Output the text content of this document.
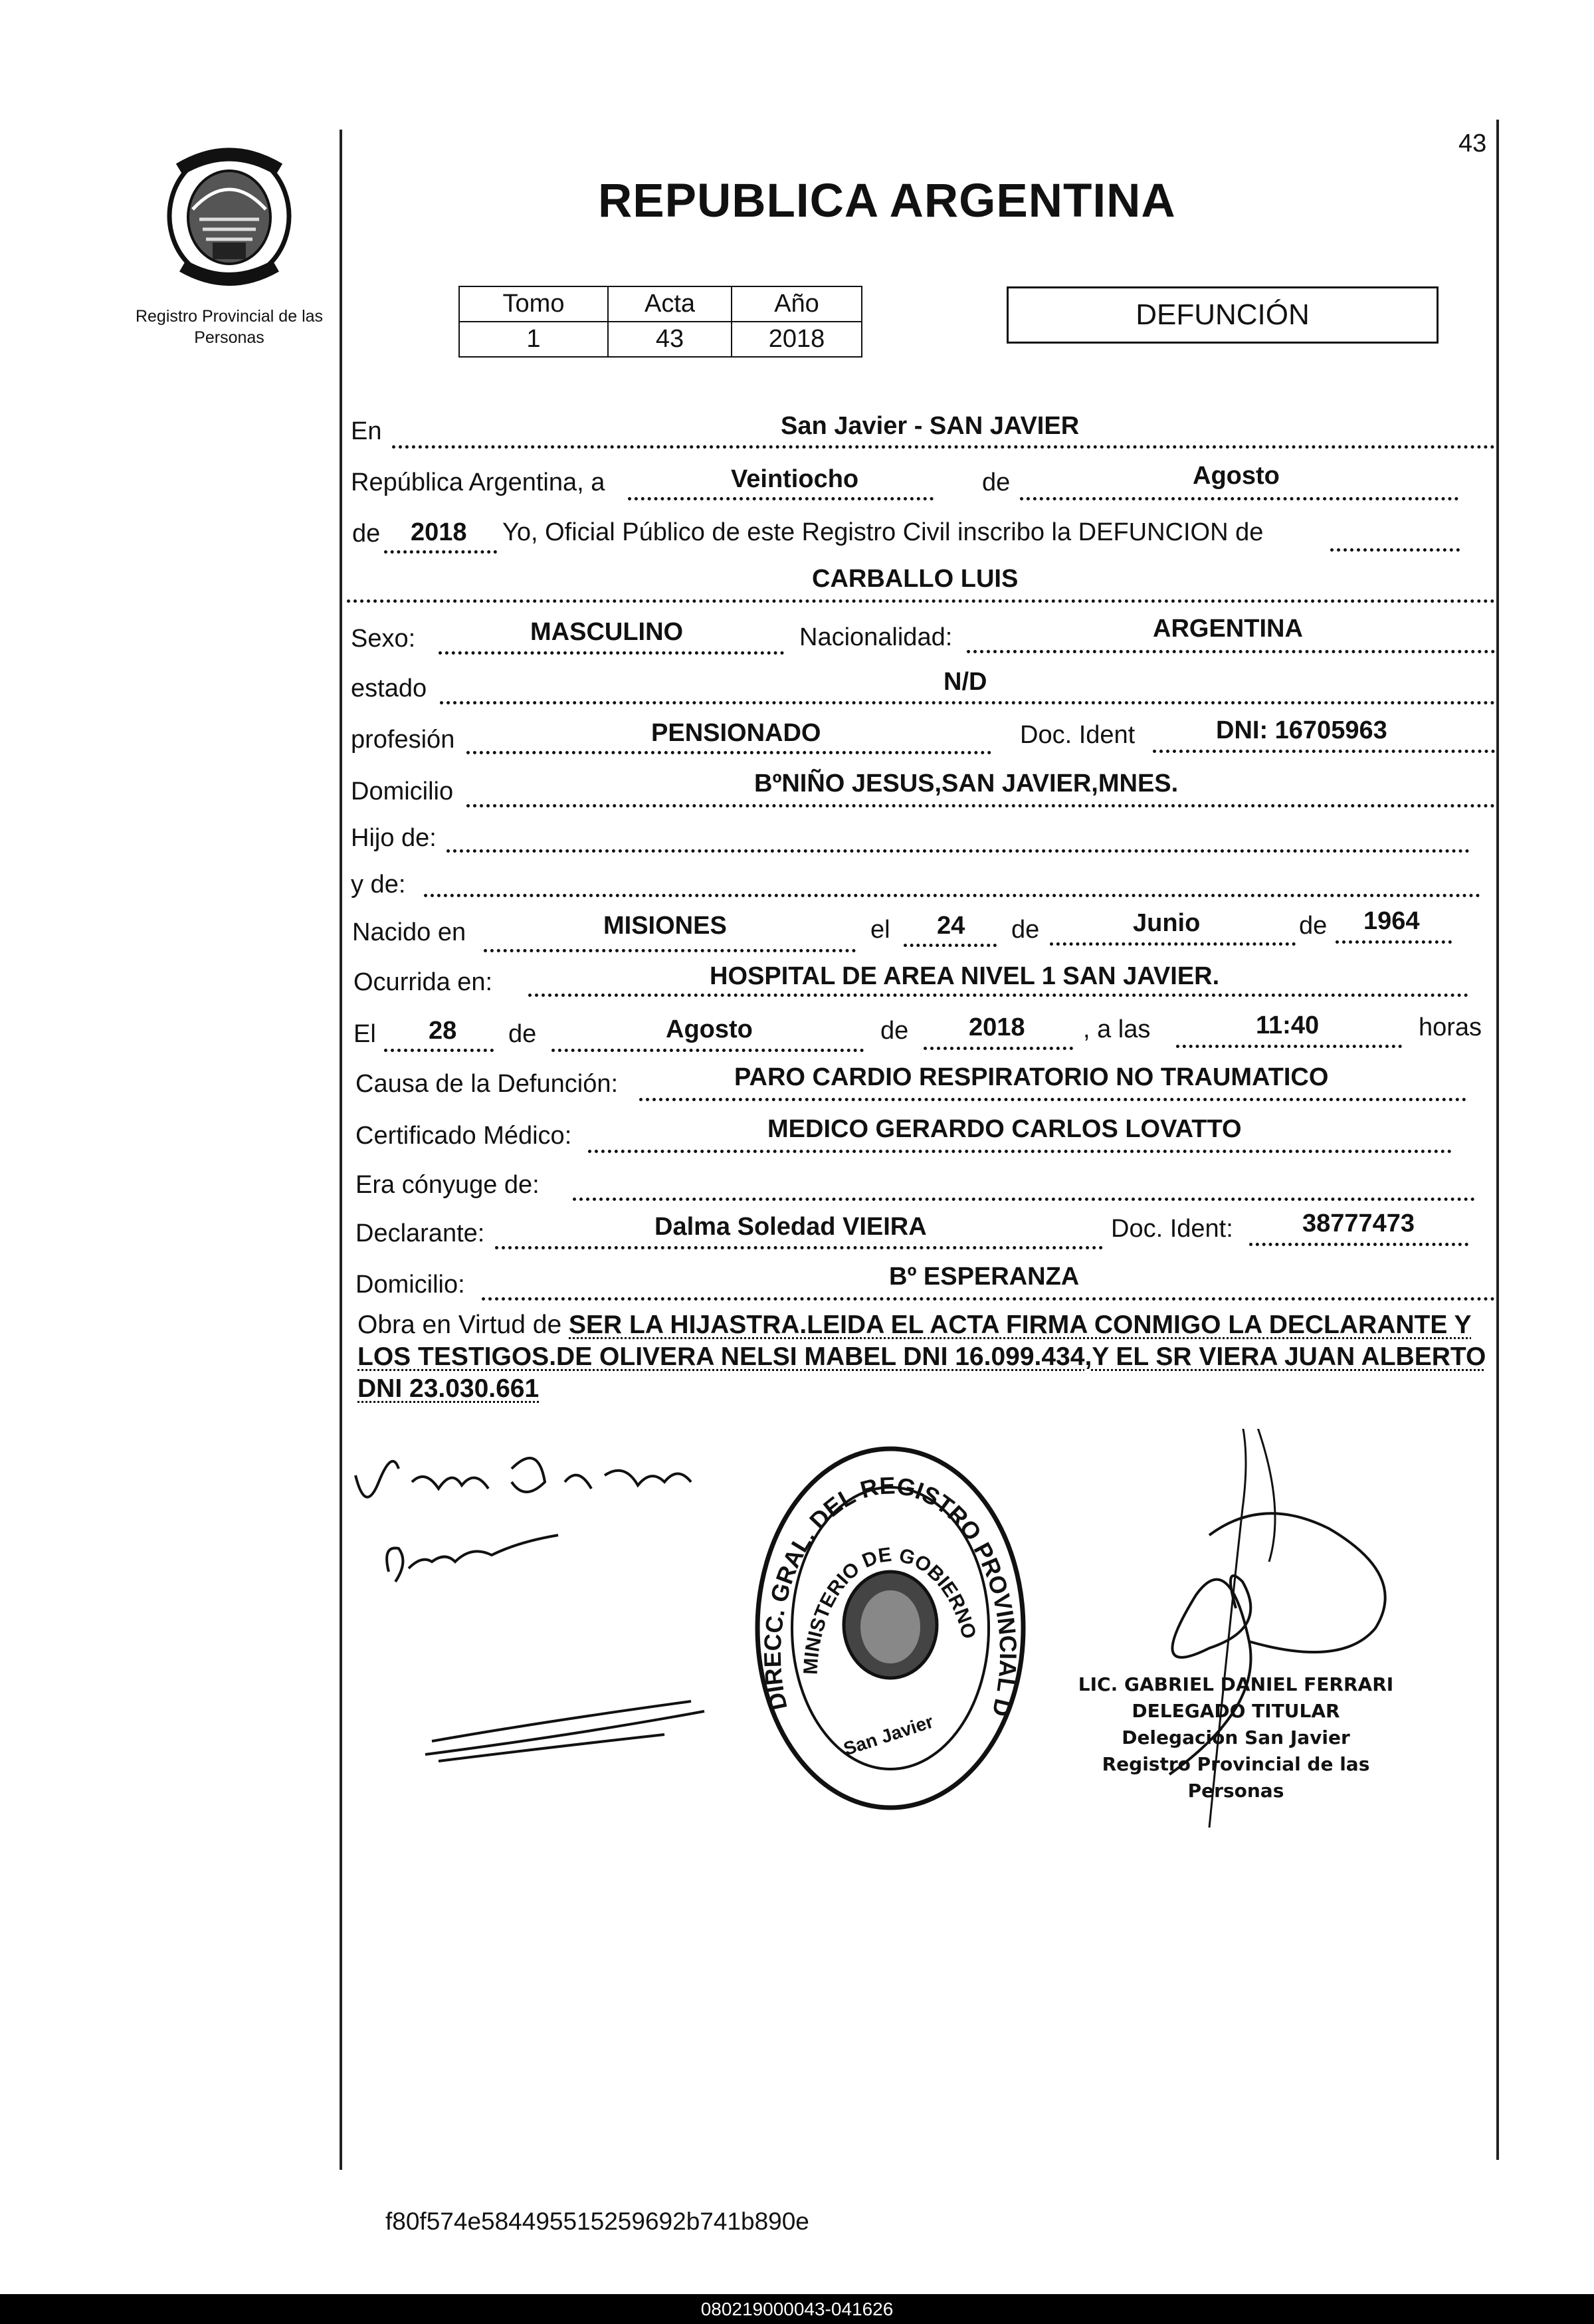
Registro Provincial de las Personas
43
REPUBLICA ARGENTINA
Tomo	Acta	Año
1	43	2018
DEFUNCIÓN
En	San Javier - SAN JAVIER
República Argentina, a	Veintiocho	de	Agosto
de 2018 Yo, Oficial Público de este Registro Civil inscribo la DEFUNCION de
CARBALLO LUIS
Sexo:	MASCULINO	Nacionalidad:	ARGENTINA
estado	N/D
profesión	PENSIONADO	Doc. Ident	DNI: 16705963
Domicilio	BºNIÑO JESUS,SAN JAVIER,MNES.
Hijo de:
y de:
Nacido en	MISIONES	el 24 de	Junio	de 1964
Ocurrida en:	HOSPITAL DE AREA NIVEL 1 SAN JAVIER.
El 28 de	Agosto	de 2018 , a las	11:40	horas
Causa de la Defunción:	PARO CARDIO RESPIRATORIO NO TRAUMATICO
Certificado Médico:	MEDICO GERARDO CARLOS LOVATTO
Era cónyuge de:
Declarante:	Dalma Soledad VIEIRA	Doc. Ident:	38777473
Domicilio:	Bº ESPERANZA
Obra en Virtud de SER LA HIJASTRA.LEIDA EL ACTA FIRMA CONMIGO LA DECLARANTE Y LOS TESTIGOS.DE OLIVERA NELSI MABEL DNI 16.099.434,Y EL SR VIERA JUAN ALBERTO DNI 23.030.661
DIRECC. GRAL. DEL REGISTRO PROVINCIAL D
MINISTERIO DE GOBIERNO
San Javier
LIC. GABRIEL DANIEL FERRARI
DELEGADO TITULAR
Delegación San Javier
Registro Provincial de las Personas
f80f574e584495515259692b741b890e
080219000043-041626
